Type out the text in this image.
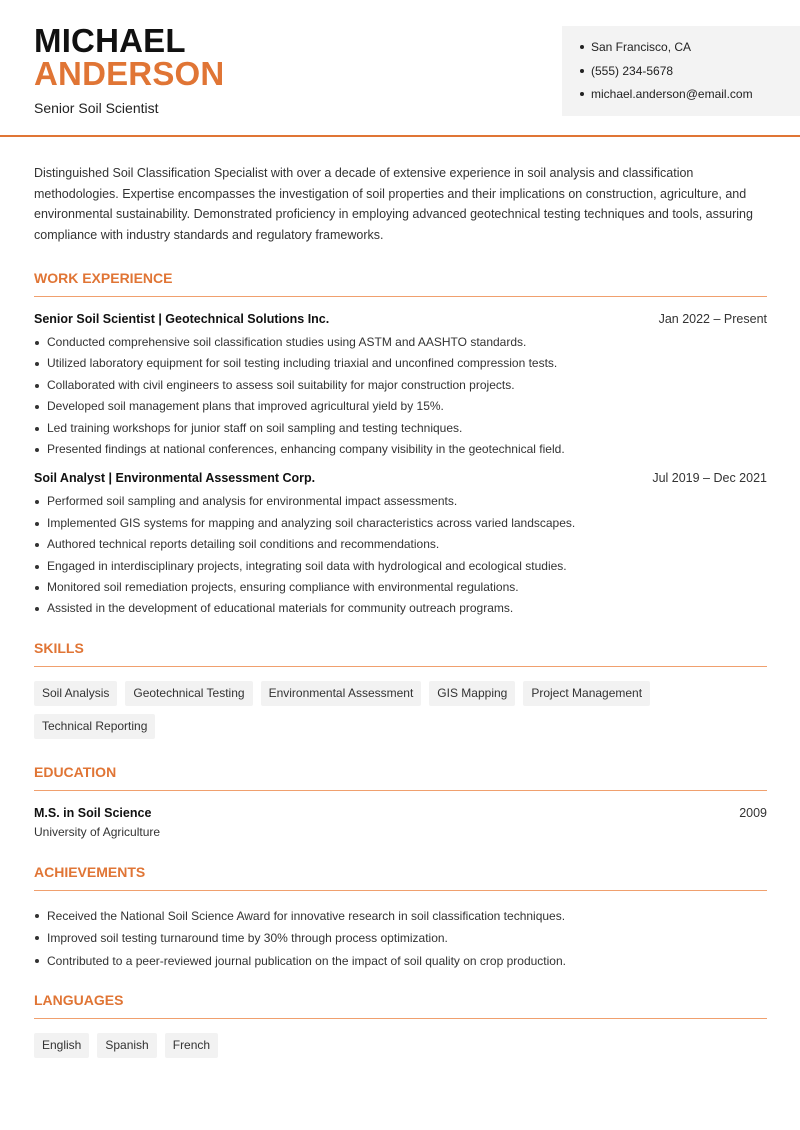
MICHAEL
ANDERSON
Senior Soil Scientist
San Francisco, CA
(555) 234-5678
michael.anderson@email.com

Distinguished Soil Classification Specialist with over a decade of extensive experience in soil analysis and classification methodologies. Expertise encompasses the investigation of soil properties and their implications on construction, agriculture, and environmental sustainability. Demonstrated proficiency in employing advanced geotechnical testing techniques and tools, assuring compliance with industry standards and regulatory frameworks.

WORK EXPERIENCE
Senior Soil Scientist | Geotechnical Solutions Inc.	Jan 2022 – Present
Conducted comprehensive soil classification studies using ASTM and AASHTO standards.
Utilized laboratory equipment for soil testing including triaxial and unconfined compression tests.
Collaborated with civil engineers to assess soil suitability for major construction projects.
Developed soil management plans that improved agricultural yield by 15%.
Led training workshops for junior staff on soil sampling and testing techniques.
Presented findings at national conferences, enhancing company visibility in the geotechnical field.
Soil Analyst | Environmental Assessment Corp.	Jul 2019 – Dec 2021
Performed soil sampling and analysis for environmental impact assessments.
Implemented GIS systems for mapping and analyzing soil characteristics across varied landscapes.
Authored technical reports detailing soil conditions and recommendations.
Engaged in interdisciplinary projects, integrating soil data with hydrological and ecological studies.
Monitored soil remediation projects, ensuring compliance with environmental regulations.
Assisted in the development of educational materials for community outreach programs.
SKILLS
Soil Analysis	Geotechnical Testing	Environmental Assessment	GIS Mapping	Project Management
Technical Reporting
EDUCATION
M.S. in Soil Science	2009
University of Agriculture
ACHIEVEMENTS
Received the National Soil Science Award for innovative research in soil classification techniques.
Improved soil testing turnaround time by 30% through process optimization.
Contributed to a peer-reviewed journal publication on the impact of soil quality on crop production.
LANGUAGES
English	Spanish	French
